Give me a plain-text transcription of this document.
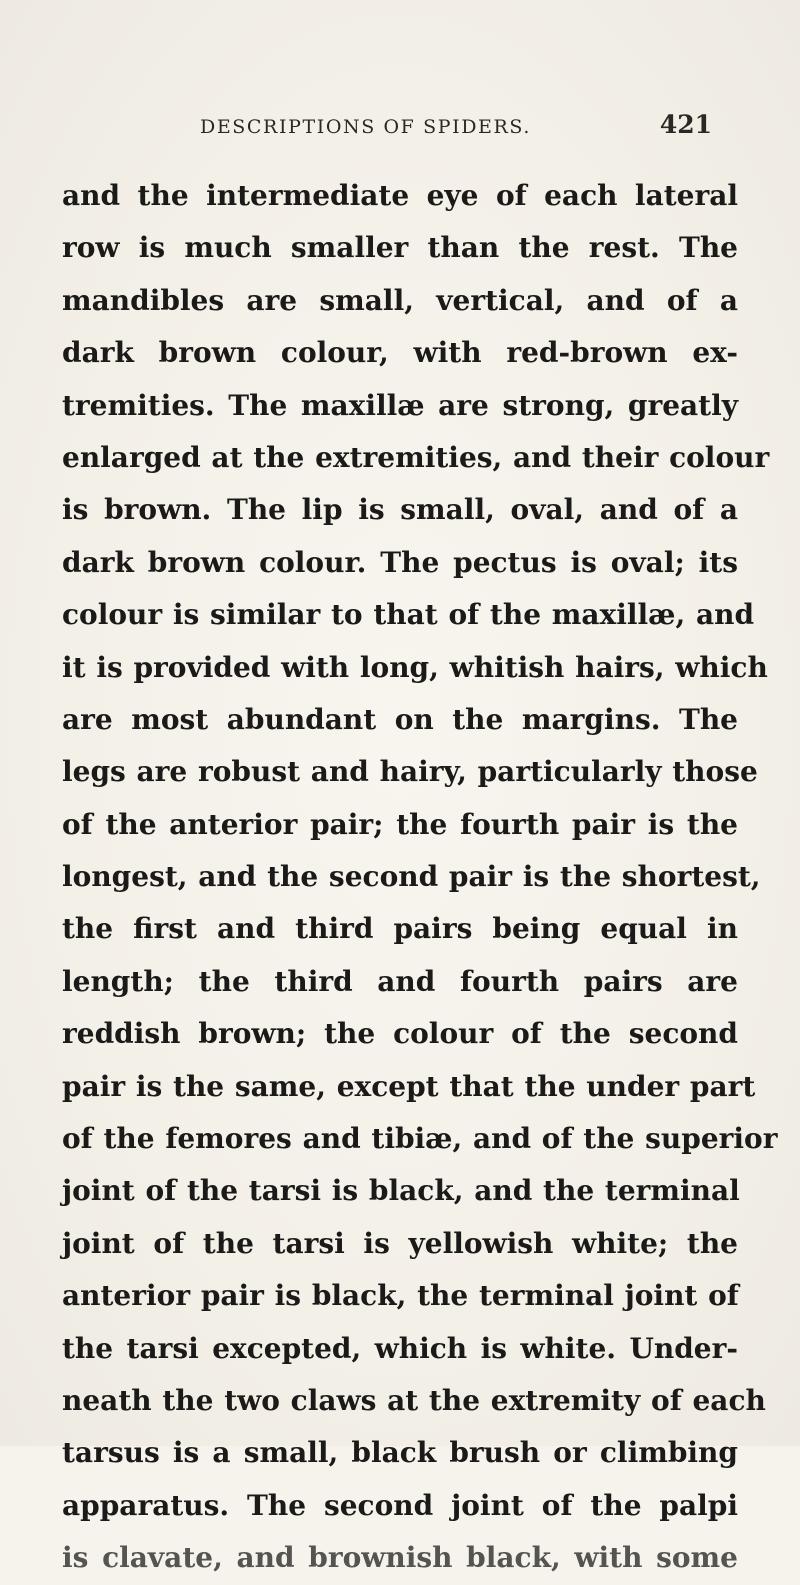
DESCRIPTIONS OF SPIDERS.	421
and the intermediate eye of each lateral
row is much smaller than the rest. The
mandibles are small, vertical, and of a
dark brown colour, with red-brown ex-
tremities. The maxillæ are strong, greatly
enlarged at the extremities, and their colour
is brown. The lip is small, oval, and of a
dark brown colour. The pectus is oval; its
colour is similar to that of the maxillæ, and
it is provided with long, whitish hairs, which
are most abundant on the margins. The
legs are robust and hairy, particularly those
of the anterior pair; the fourth pair is the
longest, and the second pair is the shortest,
the first and third pairs being equal in
length; the third and fourth pairs are
reddish brown; the colour of the second
pair is the same, except that the under part
of the femores and tibiæ, and of the superior
joint of the tarsi is black, and the terminal
joint of the tarsi is yellowish white; the
anterior pair is black, the terminal joint of
the tarsi excepted, which is white. Under-
neath the two claws at the extremity of each
tarsus is a small, black brush or climbing
apparatus. The second joint of the palpi
is clavate, and brownish black, with some
